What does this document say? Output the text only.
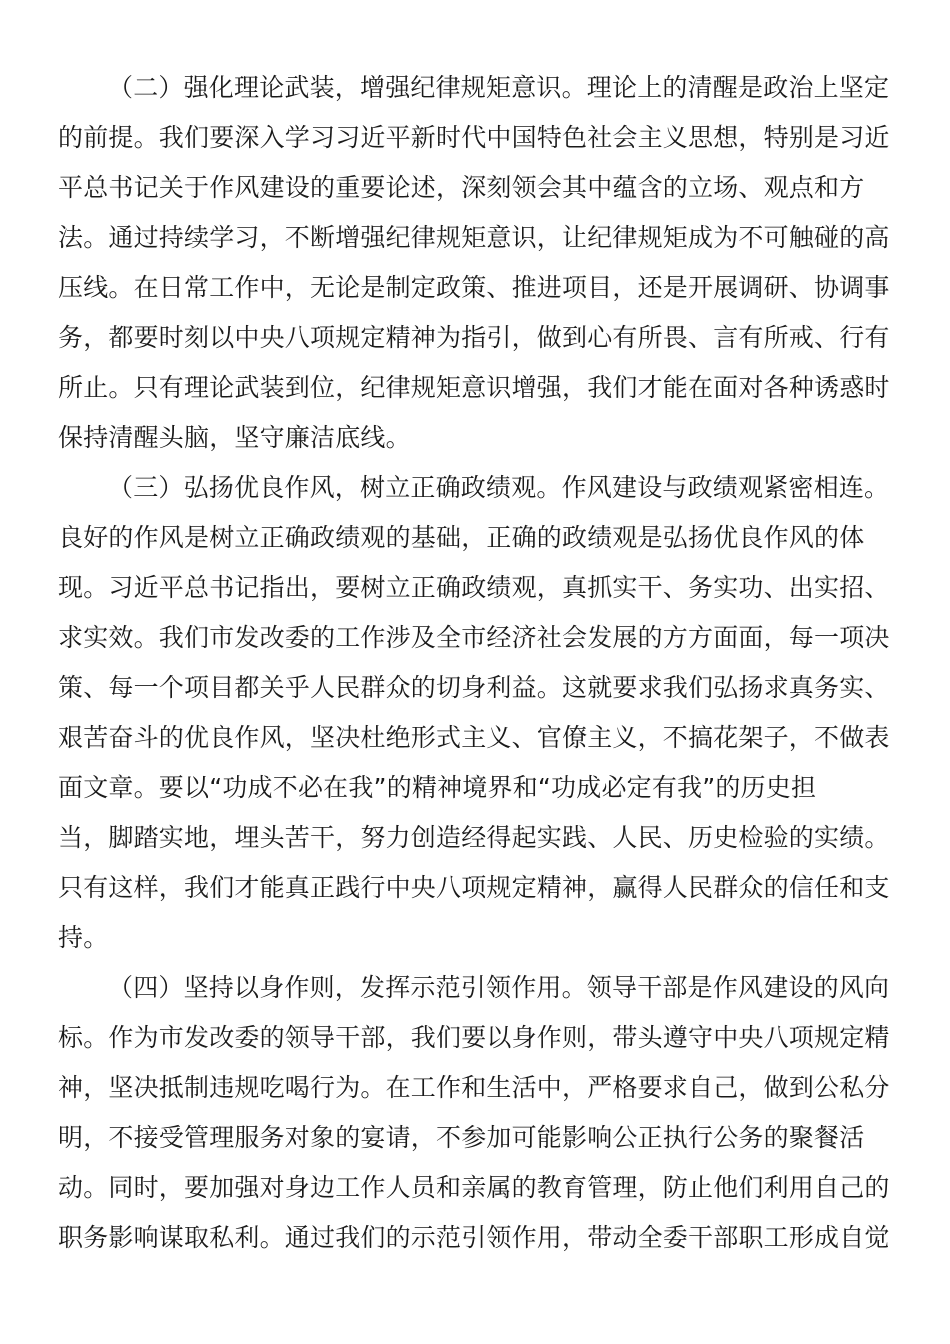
（二）强化理论武装，增强纪律规矩意识。理论上的清醒是政治上坚定
的前提。我们要深入学习习近平新时代中国特色社会主义思想，特别是习近
平总书记关于作风建设的重要论述，深刻领会其中蕴含的立场、观点和方
法。通过持续学习，不断增强纪律规矩意识，让纪律规矩成为不可触碰的高
压线。在日常工作中，无论是制定政策、推进项目，还是开展调研、协调事
务，都要时刻以中央八项规定精神为指引，做到心有所畏、言有所戒、行有
所止。只有理论武装到位，纪律规矩意识增强，我们才能在面对各种诱惑时
保持清醒头脑，坚守廉洁底线。

（三）弘扬优良作风，树立正确政绩观。作风建设与政绩观紧密相连。
良好的作风是树立正确政绩观的基础，正确的政绩观是弘扬优良作风的体
现。习近平总书记指出，要树立正确政绩观，真抓实干、务实功、出实招、
求实效。我们市发改委的工作涉及全市经济社会发展的方方面面，每一项决
策、每一个项目都关乎人民群众的切身利益。这就要求我们弘扬求真务实、
艰苦奋斗的优良作风，坚决杜绝形式主义、官僚主义，不搞花架子，不做表
面文章。要以“功成不必在我”的精神境界和“功成必定有我”的历史担
当，脚踏实地，埋头苦干，努力创造经得起实践、人民、历史检验的实绩。
只有这样，我们才能真正践行中央八项规定精神，赢得人民群众的信任和支
持。

（四）坚持以身作则，发挥示范引领作用。领导干部是作风建设的风向
标。作为市发改委的领导干部，我们要以身作则，带头遵守中央八项规定精
神，坚决抵制违规吃喝行为。在工作和生活中，严格要求自己，做到公私分
明，不接受管理服务对象的宴请，不参加可能影响公正执行公务的聚餐活
动。同时，要加强对身边工作人员和亲属的教育管理，防止他们利用自己的
职务影响谋取私利。通过我们的示范引领作用，带动全委干部职工形成自觉
